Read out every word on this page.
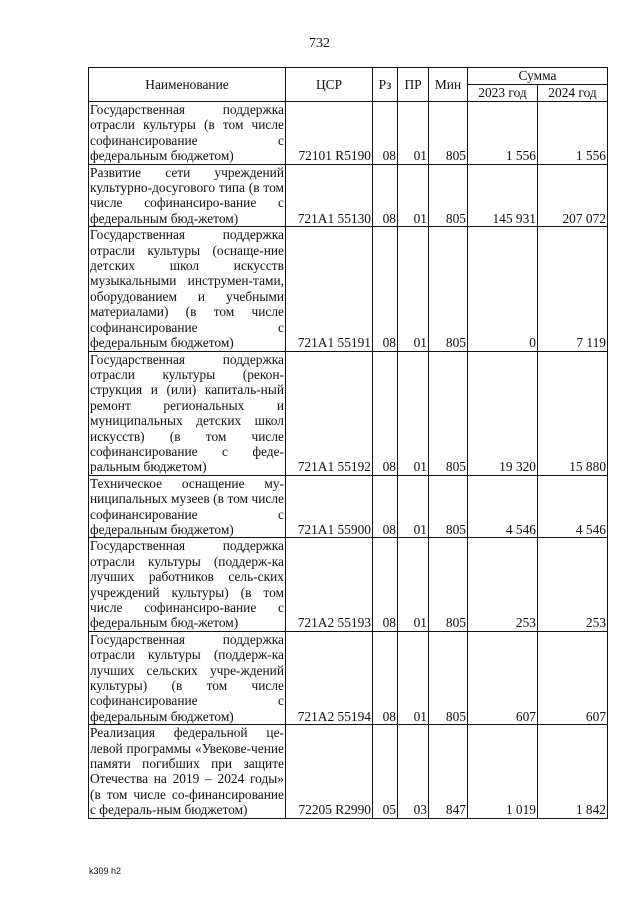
732
Наименование	ЦСР	Рз	ПР	Мин	Сумма	
					2023 год	2024 год
Государственная поддержка отрасли культуры (в том числе софинансирование с федеральным бюджетом)	72101 R5190	08	01	805	1 556	1 556
Развитие сети учреждений культурно-досугового типа (в том числе софинансиро-вание с федеральным бюд-жетом)	721A1 55130	08	01	805	145 931	207 072
Государственная поддержка отрасли культуры (оснаще-ние детских школ искусств музыкальными инструмен-тами, оборудованием и учебными материалами) (в том числе софинансирование с федеральным бюджетом)	721A1 55191	08	01	805	0	7 119
Государственная поддержка отрасли культуры (рекон-струкция и (или) капиталь-ный ремонт региональных и муниципальных детских школ искусств) (в том числе софинансирование с феде-ральным бюджетом)	721A1 55192	08	01	805	19 320	15 880
Техническое оснащение му-ниципальных музеев (в том числе софинансирование с федеральным бюджетом)	721A1 55900	08	01	805	4 546	4 546
Государственная поддержка отрасли культуры (поддерж-ка лучших работников сель-ских учреждений культуры) (в том числе софинансиро-вание с федеральным бюд-жетом)	721A2 55193	08	01	805	253	253
Государственная поддержка отрасли культуры (поддерж-ка лучших сельских учре-ждений культуры) (в том числе софинансирование с федеральным бюджетом)	721A2 55194	08	01	805	607	607
Реализация федеральной це-левой программы «Увекове-чение памяти погибших при защите Отечества на 2019 – 2024 годы» (в том числе со-финансирование с федераль-ным бюджетом)	72205 R2990	05	03	847	1 019	1 842
k309 h2
